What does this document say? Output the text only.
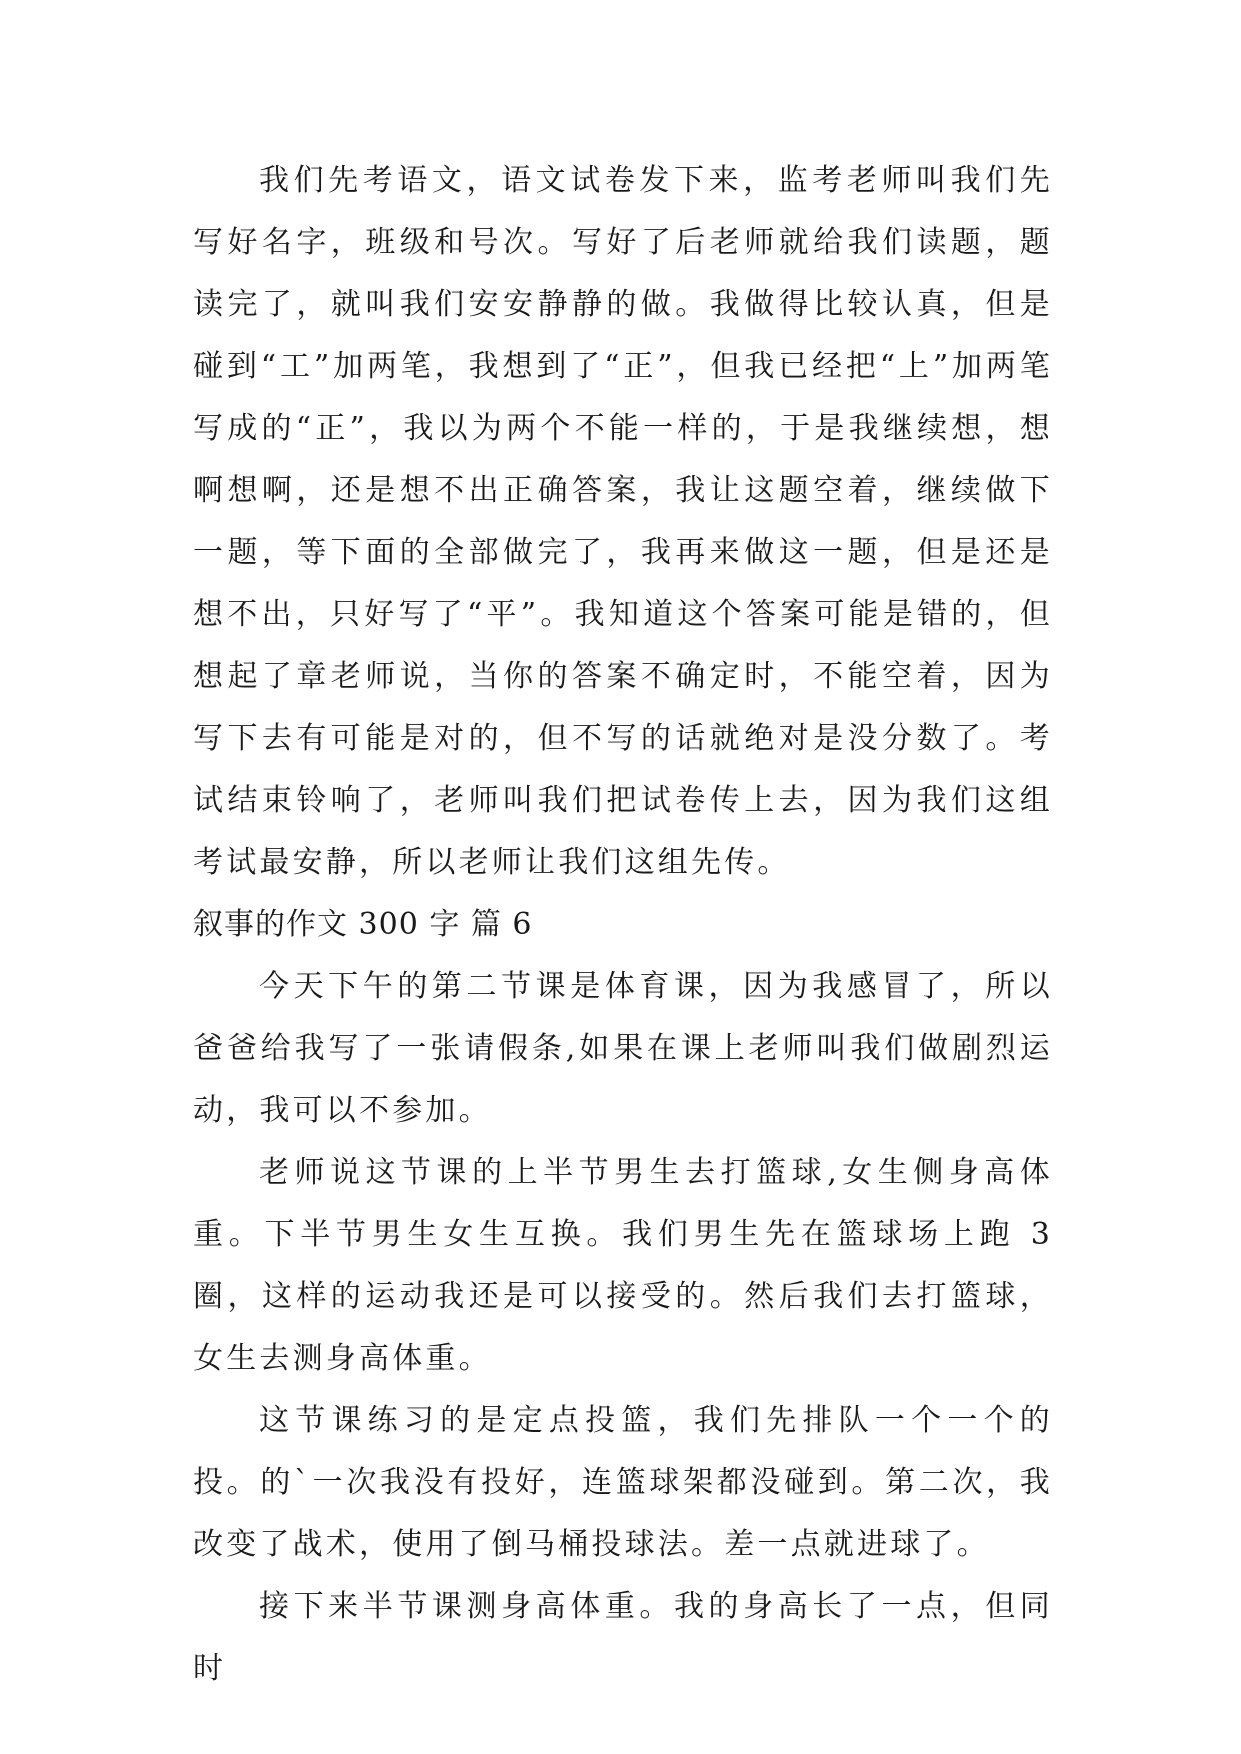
我们先考语文，语文试卷发下来，监考老师叫我们先写好名字，班级和号次。写好了后老师就给我们读题，题读完了，就叫我们安安静静的做。我做得比较认真，但是碰到“工”加两笔，我想到了“正”，但我已经把“上”加两笔写成的“正”，我以为两个不能一样的，于是我继续想，想啊想啊，还是想不出正确答案，我让这题空着，继续做下一题，等下面的全部做完了，我再来做这一题，但是还是想不出，只好写了“平”。我知道这个答案可能是错的，但想起了章老师说，当你的答案不确定时，不能空着，因为写下去有可能是对的，但不写的话就绝对是没分数了。考试结束铃响了，老师叫我们把试卷传上去，因为我们这组考试最安静，所以老师让我们这组先传。

叙事的作文 300 字 篇 6

今天下午的第二节课是体育课，因为我感冒了，所以爸爸给我写了一张请假条,如果在课上老师叫我们做剧烈运动，我可以不参加。

老师说这节课的上半节男生去打篮球,女生侧身高体重。下半节男生女生互换。我们男生先在篮球场上跑 3 圈，这样的运动我还是可以接受的。然后我们去打篮球，女生去测身高体重。

这节课练习的是定点投篮，我们先排队一个一个的投。的`一次我没有投好，连篮球架都没碰到。第二次，我改变了战术，使用了倒马桶投球法。差一点就进球了。

接下来半节课测身高体重。我的身高长了一点，但同时
